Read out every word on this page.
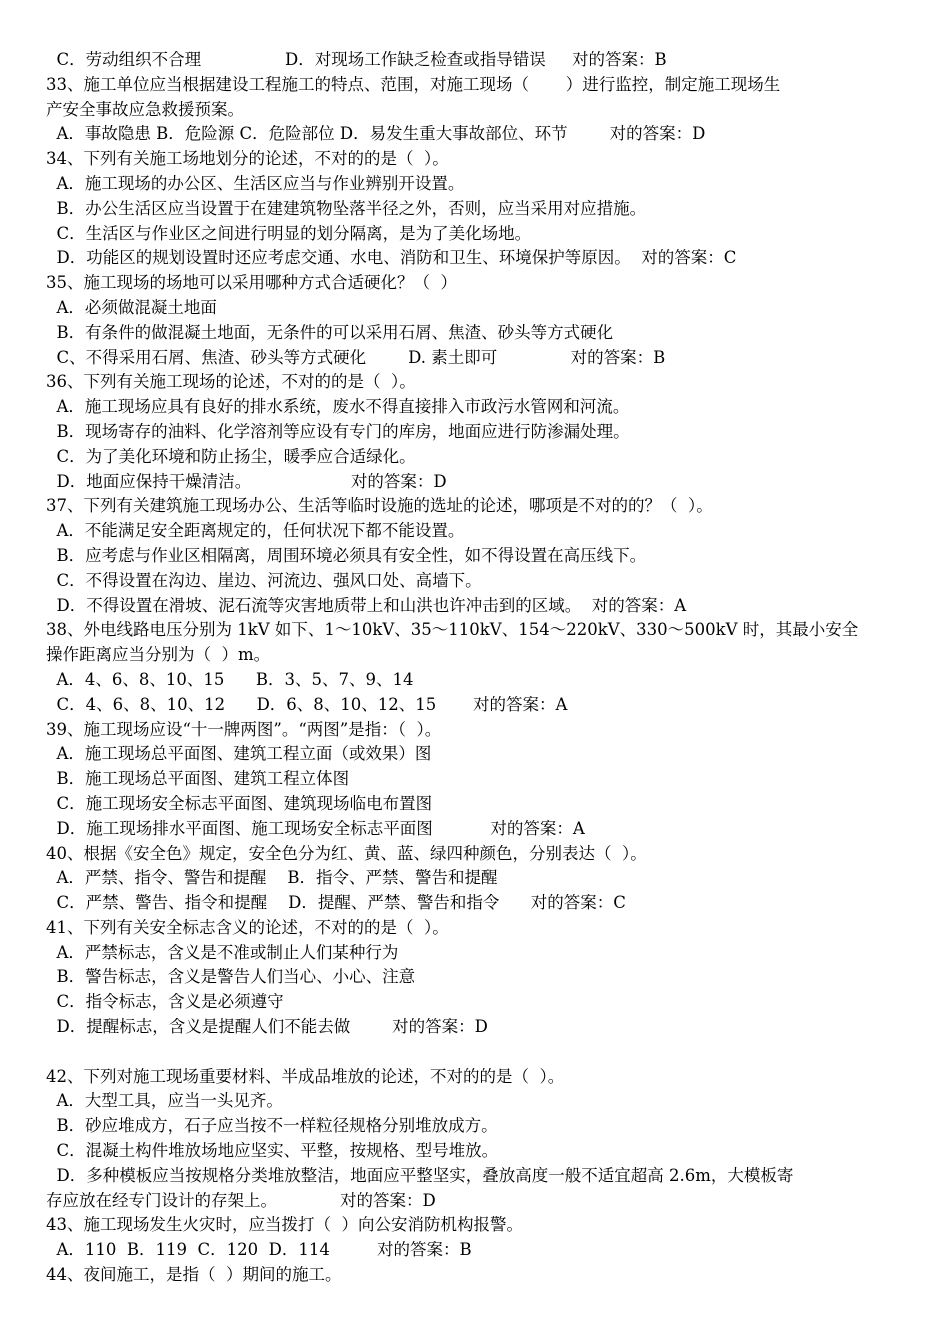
C．劳动组织不合理                D．对现场工作缺乏检查或指导错误     对的答案：B
33、施工单位应当根据建设工程施工的特点、范围，对施工现场（       ）进行监控，制定施工现场生
产安全事故应急救援预案。
A．事故隐患 B．危险源 C．危险部位 D．易发生重大事故部位、环节        对的答案：D
34、下列有关施工场地划分的论述，不对的的是（  ）。
A．施工现场的办公区、生活区应当与作业辨别开设置。
B．办公生活区应当设置于在建建筑物坠落半径之外，否则，应当采用对应措施。
C．生活区与作业区之间进行明显的划分隔离，是为了美化场地。
D．功能区的规划设置时还应考虑交通、水电、消防和卫生、环境保护等原因。  对的答案：C
35、施工现场的场地可以采用哪种方式合适硬化？（  ）
A．必须做混凝土地面
B．有条件的做混凝土地面，无条件的可以采用石屑、焦渣、砂头等方式硬化
C、不得采用石屑、焦渣、砂头等方式硬化        D. 素土即可              对的答案：B
36、下列有关施工现场的论述，不对的的是（  ）。
A．施工现场应具有良好的排水系统，废水不得直接排入市政污水管网和河流。
B．现场寄存的油料、化学溶剂等应设有专门的库房，地面应进行防渗漏处理。
C．为了美化环境和防止扬尘，暖季应合适绿化。
D．地面应保持干燥清洁。                   对的答案：D
37、下列有关建筑施工现场办公、生活等临时设施的选址的论述，哪项是不对的的？（  ）。
A．不能满足安全距离规定的，任何状况下都不能设置。
B．应考虑与作业区相隔离，周围环境必须具有安全性，如不得设置在高压线下。
C．不得设置在沟边、崖边、河流边、强风口处、高墙下。
D．不得设置在滑坡、泥石流等灾害地质带上和山洪也许冲击到的区域。  对的答案：A
38、外电线路电压分别为 1kV 如下、1～10kV、35～110kV、154～220kV、330～500kV 时，其最小安全
操作距离应当分别为（  ）m。
A．4、6、8、10、15      B．3、5、7、9、14
C．4、6、8、10、12      D．6、8、10、12、15       对的答案：A
39、施工现场应设“十一牌两图”。“两图”是指：（  ）。
A．施工现场总平面图、建筑工程立面（或效果）图
B．施工现场总平面图、建筑工程立体图
C．施工现场安全标志平面图、建筑现场临电布置图
D．施工现场排水平面图、施工现场安全标志平面图           对的答案：A
40、根据《安全色》规定，安全色分为红、黄、蓝、绿四种颜色，分别表达（  ）。
A．严禁、指令、警告和提醒    B．指令、严禁、警告和提醒
C．严禁、警告、指令和提醒    D．提醒、严禁、警告和指令      对的答案：C
41、下列有关安全标志含义的论述，不对的的是（  ）。
A．严禁标志，含义是不准或制止人们某种行为
B．警告标志，含义是警告人们当心、小心、注意
C．指令标志，含义是必须遵守
D．提醒标志，含义是提醒人们不能去做        对的答案：D
42、下列对施工现场重要材料、半成品堆放的论述，不对的的是（  ）。
A．大型工具，应当一头见齐。
B．砂应堆成方，石子应当按不一样粒径规格分别堆放成方。
C．混凝土构件堆放场地应坚实、平整，按规格、型号堆放。
D．多种模板应当按规格分类堆放整洁，地面应平整坚实，叠放高度一般不适宜超高 2.6m，大模板寄
存应放在经专门设计的存架上。            对的答案：D
43、施工现场发生火灾时，应当拨打（  ）向公安消防机构报警。
A．110  B．119  C．120  D．114         对的答案：B
44、夜间施工，是指（  ）期间的施工。
